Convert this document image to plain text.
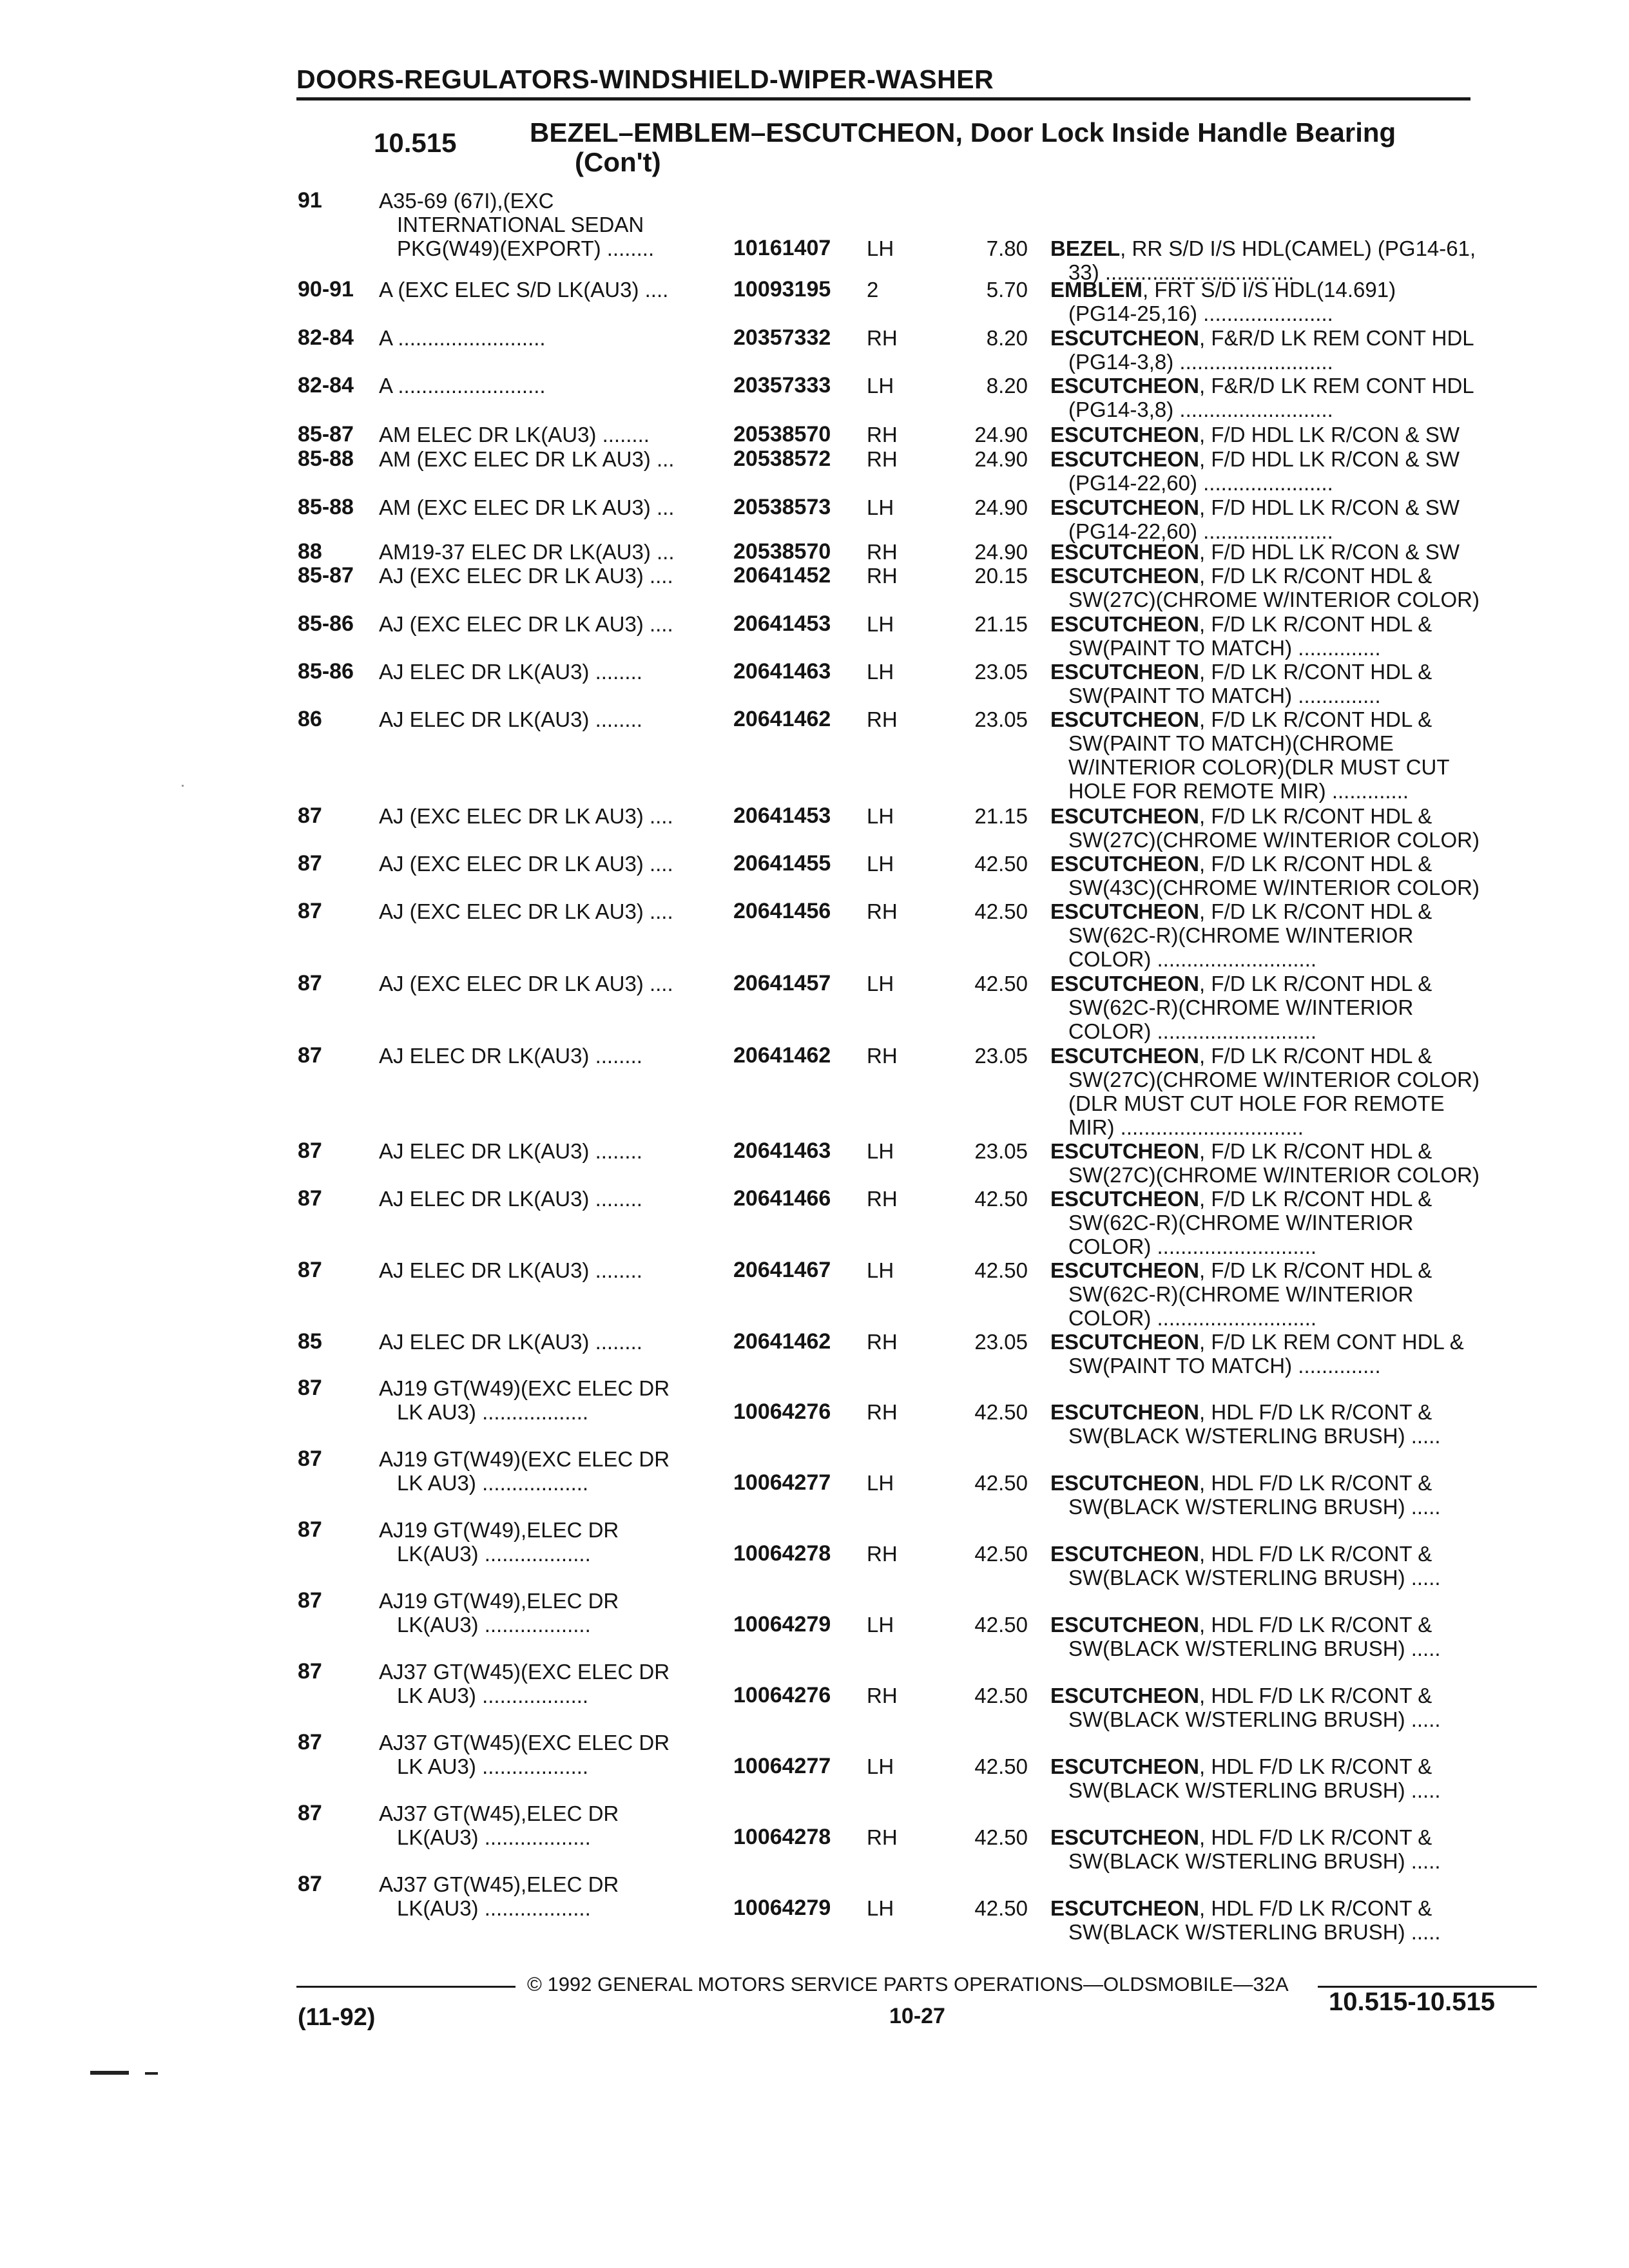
DOORS-REGULATORS-WINDSHIELD-WIPER-WASHER
10.515	BEZEL–EMBLEM–ESCUTCHEON, Door Lock Inside Handle Bearing
(Con't)
91	A35-69 (67I),(EXC
INTERNATIONAL SEDAN
PKG(W49)(EXPORT) ........	10161407 LH	7.80 BEZEL, RR S/D I/S HDL(CAMEL) (PG14-61,
33) ................................
90-91 A (EXC ELEC S/D LK(AU3) ....	10093195 2	5.70 EMBLEM, FRT S/D I/S HDL(14.691)
(PG14-25,16) ......................
82-84 A .........................	20357332 RH	8.20 ESCUTCHEON, F&R/D LK REM CONT HDL
(PG14-3,8) ..........................
82-84 A .........................	20357333 LH	8.20 ESCUTCHEON, F&R/D LK REM CONT HDL
(PG14-3,8) ..........................
85-87 AM ELEC DR LK(AU3) ........	20538570 RH	24.90 ESCUTCHEON, F/D HDL LK R/CON & SW
85-88 AM (EXC ELEC DR LK AU3) ...	20538572 RH	24.90 ESCUTCHEON, F/D HDL LK R/CON & SW
(PG14-22,60) ......................
85-88 AM (EXC ELEC DR LK AU3) ...	20538573 LH	24.90 ESCUTCHEON, F/D HDL LK R/CON & SW
(PG14-22,60) ......................
88	AM19-37 ELEC DR LK(AU3) ...	20538570 RH	24.90 ESCUTCHEON, F/D HDL LK R/CON & SW
85-87 AJ (EXC ELEC DR LK AU3) ....	20641452 RH	20.15 ESCUTCHEON, F/D LK R/CONT HDL &
SW(27C)(CHROME W/INTERIOR COLOR)
85-86 AJ (EXC ELEC DR LK AU3) ....	20641453 LH	21.15 ESCUTCHEON, F/D LK R/CONT HDL &
SW(PAINT TO MATCH) ..............
85-86 AJ ELEC DR LK(AU3) ........	20641463 LH	23.05 ESCUTCHEON, F/D LK R/CONT HDL &
SW(PAINT TO MATCH) ..............
86	AJ ELEC DR LK(AU3) ........	20641462 RH	23.05 ESCUTCHEON, F/D LK R/CONT HDL &
SW(PAINT TO MATCH)(CHROME
W/INTERIOR COLOR)(DLR MUST CUT
HOLE FOR REMOTE MIR) .............
87	AJ (EXC ELEC DR LK AU3) ....	20641453 LH	21.15 ESCUTCHEON, F/D LK R/CONT HDL &
SW(27C)(CHROME W/INTERIOR COLOR)
87	AJ (EXC ELEC DR LK AU3) ....	20641455 LH	42.50 ESCUTCHEON, F/D LK R/CONT HDL &
SW(43C)(CHROME W/INTERIOR COLOR)
87	AJ (EXC ELEC DR LK AU3) ....	20641456 RH	42.50 ESCUTCHEON, F/D LK R/CONT HDL &
SW(62C-R)(CHROME W/INTERIOR
COLOR) ...........................
87	AJ (EXC ELEC DR LK AU3) ....	20641457 LH	42.50 ESCUTCHEON, F/D LK R/CONT HDL &
SW(62C-R)(CHROME W/INTERIOR
COLOR) ...........................
87	AJ ELEC DR LK(AU3) ........	20641462 RH	23.05 ESCUTCHEON, F/D LK R/CONT HDL &
SW(27C)(CHROME W/INTERIOR COLOR)
(DLR MUST CUT HOLE FOR REMOTE
MIR) ...............................
87	AJ ELEC DR LK(AU3) ........	20641463 LH	23.05 ESCUTCHEON, F/D LK R/CONT HDL &
SW(27C)(CHROME W/INTERIOR COLOR)
87	AJ ELEC DR LK(AU3) ........	20641466 RH	42.50 ESCUTCHEON, F/D LK R/CONT HDL &
SW(62C-R)(CHROME W/INTERIOR
COLOR) ...........................
87	AJ ELEC DR LK(AU3) ........	20641467 LH	42.50 ESCUTCHEON, F/D LK R/CONT HDL &
SW(62C-R)(CHROME W/INTERIOR
COLOR) ...........................
85	AJ ELEC DR LK(AU3) ........	20641462 RH	23.05 ESCUTCHEON, F/D LK REM CONT HDL &
SW(PAINT TO MATCH) ..............
87	AJ19 GT(W49)(EXC ELEC DR
LK AU3) ..................	10064276 RH	42.50 ESCUTCHEON, HDL F/D LK R/CONT &
SW(BLACK W/STERLING BRUSH) .....
87	AJ19 GT(W49)(EXC ELEC DR
LK AU3) ..................	10064277 LH	42.50 ESCUTCHEON, HDL F/D LK R/CONT &
SW(BLACK W/STERLING BRUSH) .....
87	AJ19 GT(W49),ELEC DR
LK(AU3) ..................	10064278 RH	42.50 ESCUTCHEON, HDL F/D LK R/CONT &
SW(BLACK W/STERLING BRUSH) .....
87	AJ19 GT(W49),ELEC DR
LK(AU3) ..................	10064279 LH	42.50 ESCUTCHEON, HDL F/D LK R/CONT &
SW(BLACK W/STERLING BRUSH) .....
87	AJ37 GT(W45)(EXC ELEC DR
LK AU3) ..................	10064276 RH	42.50 ESCUTCHEON, HDL F/D LK R/CONT &
SW(BLACK W/STERLING BRUSH) .....
87	AJ37 GT(W45)(EXC ELEC DR
LK AU3) ..................	10064277 LH	42.50 ESCUTCHEON, HDL F/D LK R/CONT &
SW(BLACK W/STERLING BRUSH) .....
87	AJ37 GT(W45),ELEC DR
LK(AU3) ..................	10064278 RH	42.50 ESCUTCHEON, HDL F/D LK R/CONT &
SW(BLACK W/STERLING BRUSH) .....
87	AJ37 GT(W45),ELEC DR
LK(AU3) ..................	10064279 LH	42.50 ESCUTCHEON, HDL F/D LK R/CONT &
SW(BLACK W/STERLING BRUSH) .....
© 1992 GENERAL MOTORS SERVICE PARTS OPERATIONS—OLDSMOBILE—32A
(11-92)	10-27	10.515-10.515
